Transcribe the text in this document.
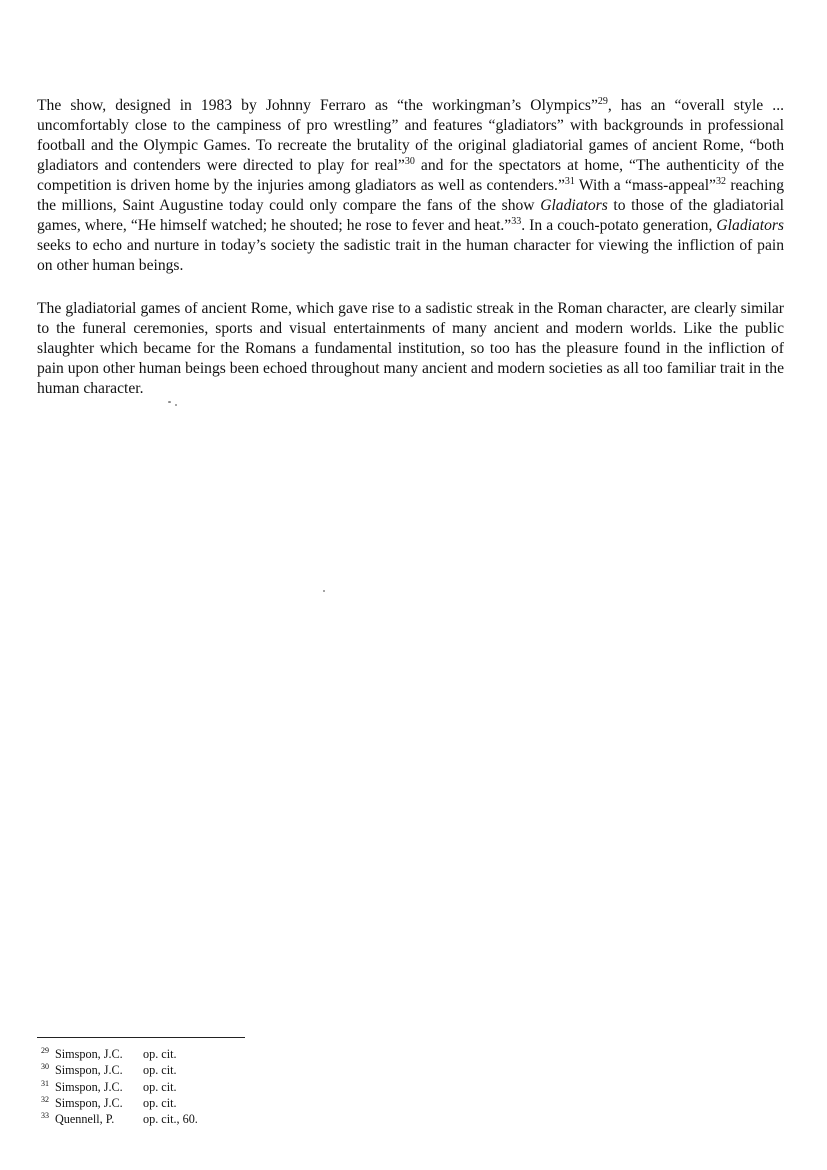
The show, designed in 1983 by Johnny Ferraro as “the workingman’s Olympics”$^{29}$, has an “overall style ... uncomfortably close to the campiness of pro wrestling” and features “gladiators” with backgrounds in professional football and the Olympic Games. To recreate the brutality of the original gladiatorial games of ancient Rome, “both gladiators and contenders were directed to play for real”$^{30}$ and for the spectators at home, “The authenticity of the competition is driven home by the injuries among gladiators as well as contenders.”$^{31}$ With a “mass-appeal”$^{32}$ reaching the millions, Saint Augustine today could only compare the fans of the show Gladiators to those of the gladiatorial games, where, “He himself watched; he shouted; he rose to fever and heat.”$^{33}$. In a couch-potato generation, Gladiators seeks to echo and nurture in today’s society the sadistic trait in the human character for viewing the infliction of pain on other human beings.

The gladiatorial games of ancient Rome, which gave rise to a sadistic streak in the Roman character, are clearly similar to the funeral ceremonies, sports and visual entertainments of many ancient and modern worlds. Like the public slaughter which became for the Romans a fundamental institution, so too has the pleasure found in the infliction of pain upon other human beings been echoed throughout many ancient and modern societies as all too familiar trait in the human character.

29 Simspon, J.C.	op. cit.
30 Simspon, J.C.	op. cit.
31 Simspon, J.C.	op. cit.
32 Simspon, J.C.	op. cit.
33 Quennell, P.	op. cit., 60.
